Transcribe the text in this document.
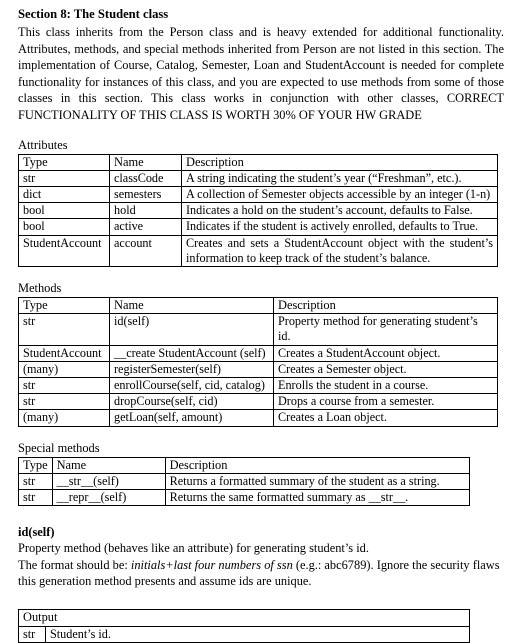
Section 8: The Student class

This class inherits from the Person class and is heavy extended for additional functionality. Attributes, methods, and special methods inherited from Person are not listed in this section. The implementation of Course, Catalog, Semester, Loan and StudentAccount is needed for complete functionality for instances of this class, and you are expected to use methods from some of those classes in this section. This class works in conjunction with other classes, CORRECT FUNCTIONALITY OF THIS CLASS IS WORTH 30% OF YOUR HW GRADE

Attributes
Type	Name	Description
str	classCode	A string indicating the student’s year (“Freshman”, etc.).
dict	semesters	A collection of Semester objects accessible by an integer (1-n)
bool	hold	Indicates a hold on the student’s account, defaults to False.
bool	active	Indicates if the student is actively enrolled, defaults to True.
StudentAccount	account	Creates and sets a StudentAccount object with the student’s information to keep track of the student’s balance.
Methods
Type	Name	Description
str	id(self)	Property method for generating student’s id.
StudentAccount	__create StudentAccount (self)	Creates a StudentAccount object.
(many)	registerSemester(self)	Creates a Semester object.
str	enrollCourse(self, cid, catalog)	Enrolls the student in a course.
str	dropCourse(self, cid)	Drops a course from a semester.
(many)	getLoan(self, amount)	Creates a Loan object.
Special methods
Type	Name	Description
str	__str__(self)	Returns a formatted summary of the student as a string.
str	__repr__(self)	Returns the same formatted summary as __str__.
id(self)

Property method (behaves like an attribute) for generating student’s id.

The format should be: initials+last four numbers of ssn (e.g.: abc6789). Ignore the security flaws this generation method presents and assume ids are unique.

Output
str	Student’s id.
